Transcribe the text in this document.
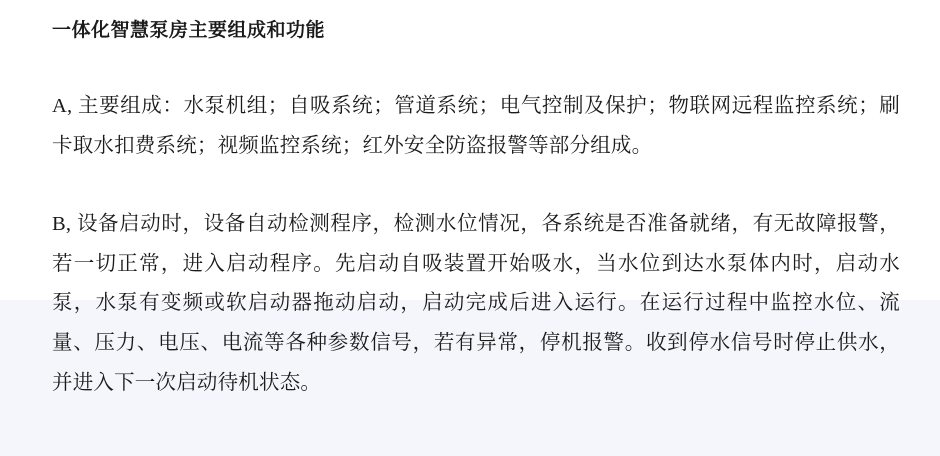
一体化智慧泵房主要组成和功能

A, 主要组成：水泵机组；自吸系统；管道系统；电气控制及保护；物联网远程监控系统；刷卡取水扣费系统；视频监控系统；红外安全防盗报警等部分组成。

B, 设备启动时，设备自动检测程序，检测水位情况，各系统是否准备就绪，有无故障报警，若一切正常，进入启动程序。先启动自吸装置开始吸水，当水位到达水泵体内时，启动水泵，水泵有变频或软启动器拖动启动，启动完成后进入运行。在运行过程中监控水位、流量、压力、电压、电流等各种参数信号，若有异常，停机报警。收到停水信号时停止供水，并进入下一次启动待机状态。
